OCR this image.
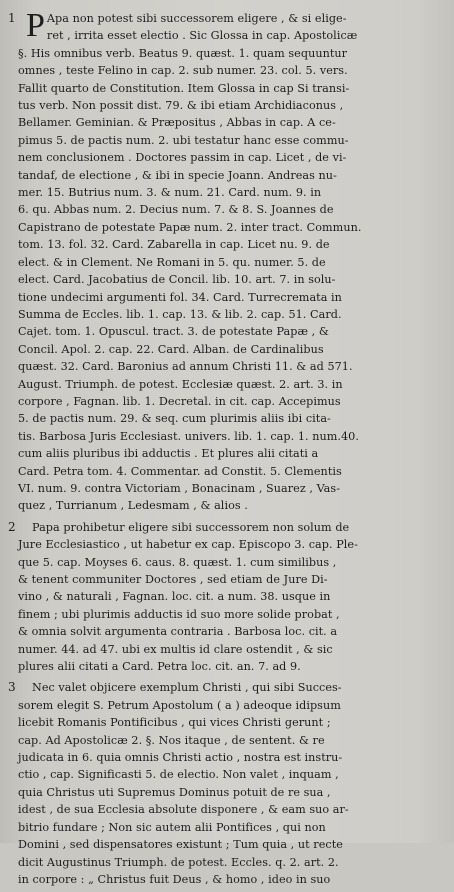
1 P Apa non potest sibi successorem eligere , & si elige-
ret , irrita esset electio . Sic Glossa in cap. Apostolicæ
§. His omnibus verb. Beatus 9. quæst. 1. quam sequuntur
omnes , teste Felino in cap. 2. sub numer. 23. col. 5. vers.
Fallit quarto de Constitution. Item Glossa in cap Si transi-
tus verb. Non possit dist. 79. & ibi etiam Archidiaconus ,
Bellamer. Geminian. & Præpositus , Abbas in cap. A ce-
pimus 5. de pactis num. 2. ubi testatur hanc esse commu-
nem conclusionem . Doctores passim in cap. Licet , de vi-
tandaf, de electione , & ibi in specie Joann. Andreas nu-
mer. 15. Butrius num. 3. & num. 21. Card. num. 9. in
6. qu. Abbas num. 2. Decius num. 7. & 8. S. Joannes de
Capistrano de potestate Papæ num. 2. inter tract. Commun.
tom. 13. fol. 32. Card. Zabarella in cap. Licet nu. 9. de
elect. & in Clement. Ne Romani in 5. qu. numer. 5. de
elect. Card. Jacobatius de Concil. lib. 10. art. 7. in solu-
tione undecimi argumenti fol. 34. Card. Turrecremata in
Summa de Eccles. lib. 1. cap. 13. & lib. 2. cap. 51. Card.
Cajet. tom. 1. Opuscul. tract. 3. de potestate Papæ , &
Concil. Apol. 2. cap. 22. Card. Alban. de Cardinalibus
quæst. 32. Card. Baronius ad annum Christi 11. & ad 571.
August. Triumph. de potest. Ecclesiæ quæst. 2. art. 3. in
corpore , Fagnan. lib. 1. Decretal. in cit. cap. Accepimus
5. de pactis num. 29. & seq. cum plurimis aliis ibi cita-
tis. Barbosa Juris Ecclesiast. univers. lib. 1. cap. 1. num.40.
cum aliis pluribus ibi adductis . Et plures alii citati a
Card. Petra tom. 4. Commentar. ad Constit. 5. Clementis
VI. num. 9. contra Victoriam , Bonacinam , Suarez , Vas-
quez , Turrianum , Ledesmam , & alios .
2	Papa prohibetur eligere sibi successorem non solum de
Jure Ecclesiastico , ut habetur ex cap. Episcopo 3. cap. Ple-
que 5. cap. Moyses 6. caus. 8. quæst. 1. cum similibus ,
& tenent communiter Doctores , sed etiam de Jure Di-
vino , & naturali , Fagnan. loc. cit. a num. 38. usque in
finem ; ubi plurimis adductis id suo more solide probat ,
& omnia solvit argumenta contraria . Barbosa loc. cit. a
numer. 44. ad 47. ubi ex multis id clare ostendit , & sic
plures alii citati a Card. Petra loc. cit. an. 7. ad 9.
3	Nec valet objicere exemplum Christi , qui sibi Succes-
sorem elegit S. Petrum Apostolum ( a ) adeoque idipsum
licebit Romanis Pontificibus , qui vices Christi gerunt ;
cap. Ad Apostolicæ 2. §. Nos itaque , de sentent. & re
judicata in 6. quia omnis Christi actio , nostra est instru-
ctio , cap. Significasti 5. de electio. Non valet , inquam ,
quia Christus uti Supremus Dominus potuit de re sua ,
idest , de sua Ecclesia absolute disponere , & eam suo ar-
bitrio fundare ; Non sic autem alii Pontifices , qui non
Domini , sed dispensatores existunt ; Tum quia , ut recte
dicit Augustinus Triumph. de potest. Eccles. q. 2. art. 2.
in corpore : „ Christus fuit Deus , & homo , ideo in suo
